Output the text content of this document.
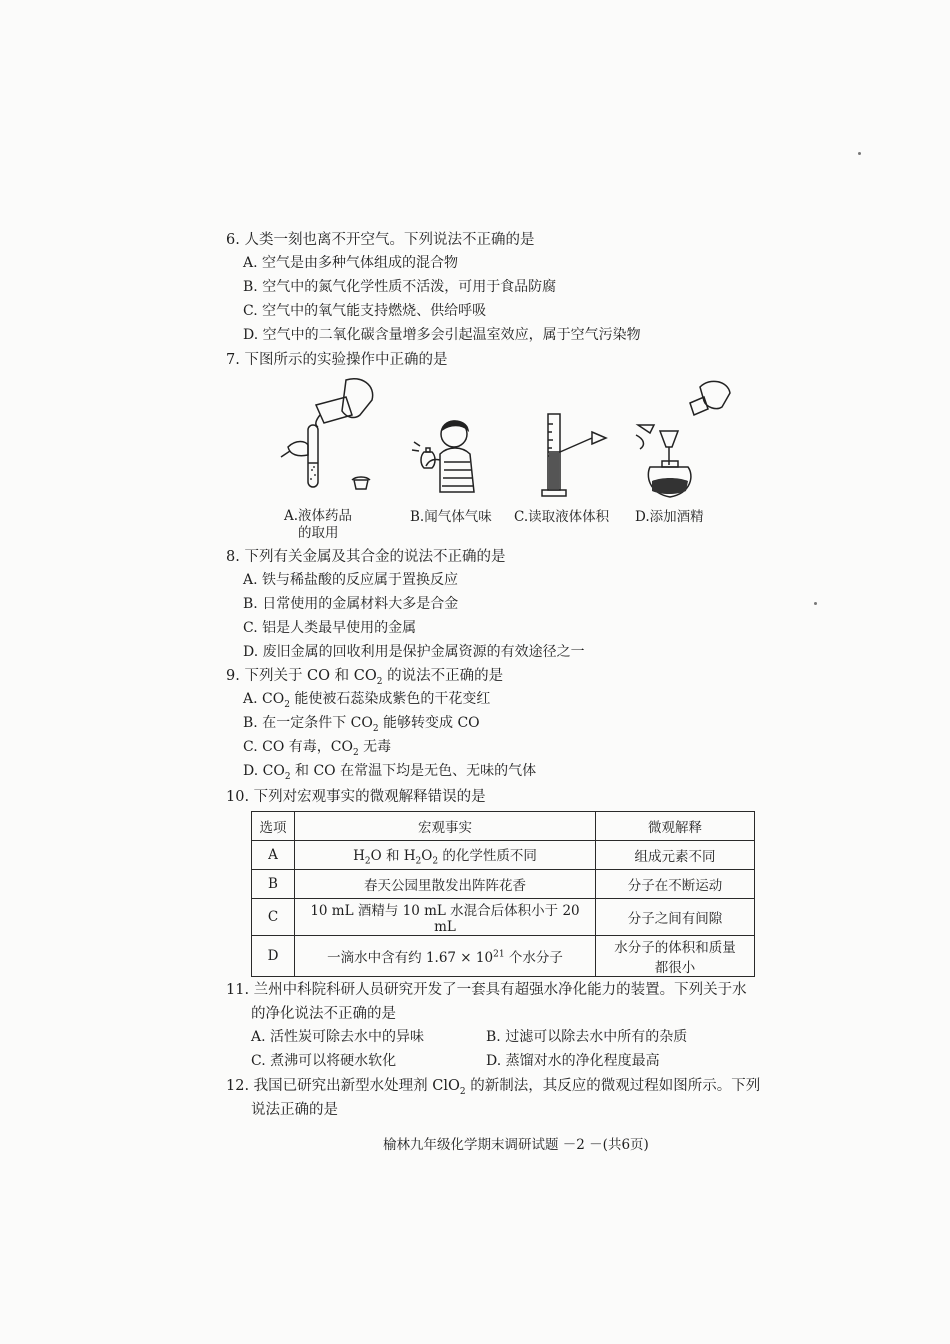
6. 人类一刻也离不开空气。下列说法不正确的是
A. 空气是由多种气体组成的混合物
B. 空气中的氮气化学性质不活泼，可用于食品防腐
C. 空气中的氧气能支持燃烧、供给呼吸
D. 空气中的二氧化碳含量增多会引起温室效应，属于空气污染物
7. 下图所示的实验操作中正确的是
A.液体药品
的取用
B.闻气体气味 C.读取液体体积 D.添加酒精
8. 下列有关金属及其合金的说法不正确的是
A. 铁与稀盐酸的反应属于置换反应
B. 日常使用的金属材料大多是合金
C. 铝是人类最早使用的金属
D. 废旧金属的回收利用是保护金属资源的有效途径之一
9. 下列关于 CO 和 $CO_2$ 的说法不正确的是
A. $CO_2$ 能使被石蕊染成紫色的干花变红
B. 在一定条件下 $CO_2$ 能够转变成 CO
C. CO 有毒，$CO_2$ 无毒
D. $CO_2$ 和 CO 在常温下均是无色、无味的气体
10. 下列对宏观事实的微观解释错误的是
选项	宏观事实	微观解释
A	$H_2O$ 和 $H_2O_2$ 的化学性质不同	组成元素不同
B	春天公园里散发出阵阵花香	分子在不断运动
C	10 mL 酒精与 10 mL 水混合后体积小于 20 mL	分子之间有间隙
D	一滴水中含有约 $1.67 \times 10^{21}$ 个水分子	水分子的体积和质量
都很小
11. 兰州中科院科研人员研究开发了一套具有超强水净化能力的装置。下列关于水
的净化说法不正确的是
A. 活性炭可除去水中的异味	B. 过滤可以除去水中所有的杂质
C. 煮沸可以将硬水软化	D. 蒸馏对水的净化程度最高
12. 我国已研究出新型水处理剂 ClO$_2$ 的新制法，其反应的微观过程如图所示。下列
说法正确的是
榆林九年级化学期末调研试题 －2 －(共6页)
